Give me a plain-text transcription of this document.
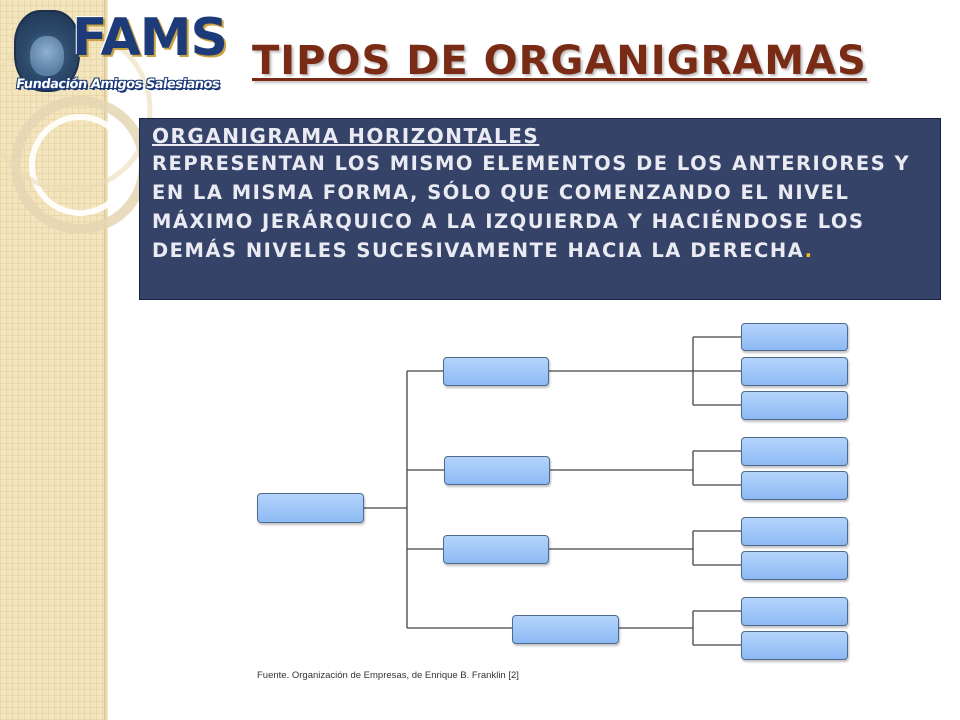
FAMS
Fundación Amigos Salesianos
TIPOS DE ORGANIGRAMAS
ORGANIGRAMA HORIZONTALES
REPRESENTAN LOS MISMO ELEMENTOS DE LOS ANTERIORES Y EN LA MISMA FORMA, SÓLO QUE COMENZANDO EL NIVEL MÁXIMO JERÁRQUICO A LA IZQUIERDA Y HACIÉNDOSE LOS DEMÁS NIVELES SUCESIVAMENTE HACIA LA DERECHA.
Fuente. Organización de Empresas, de Enrique B. Franklin [2]
